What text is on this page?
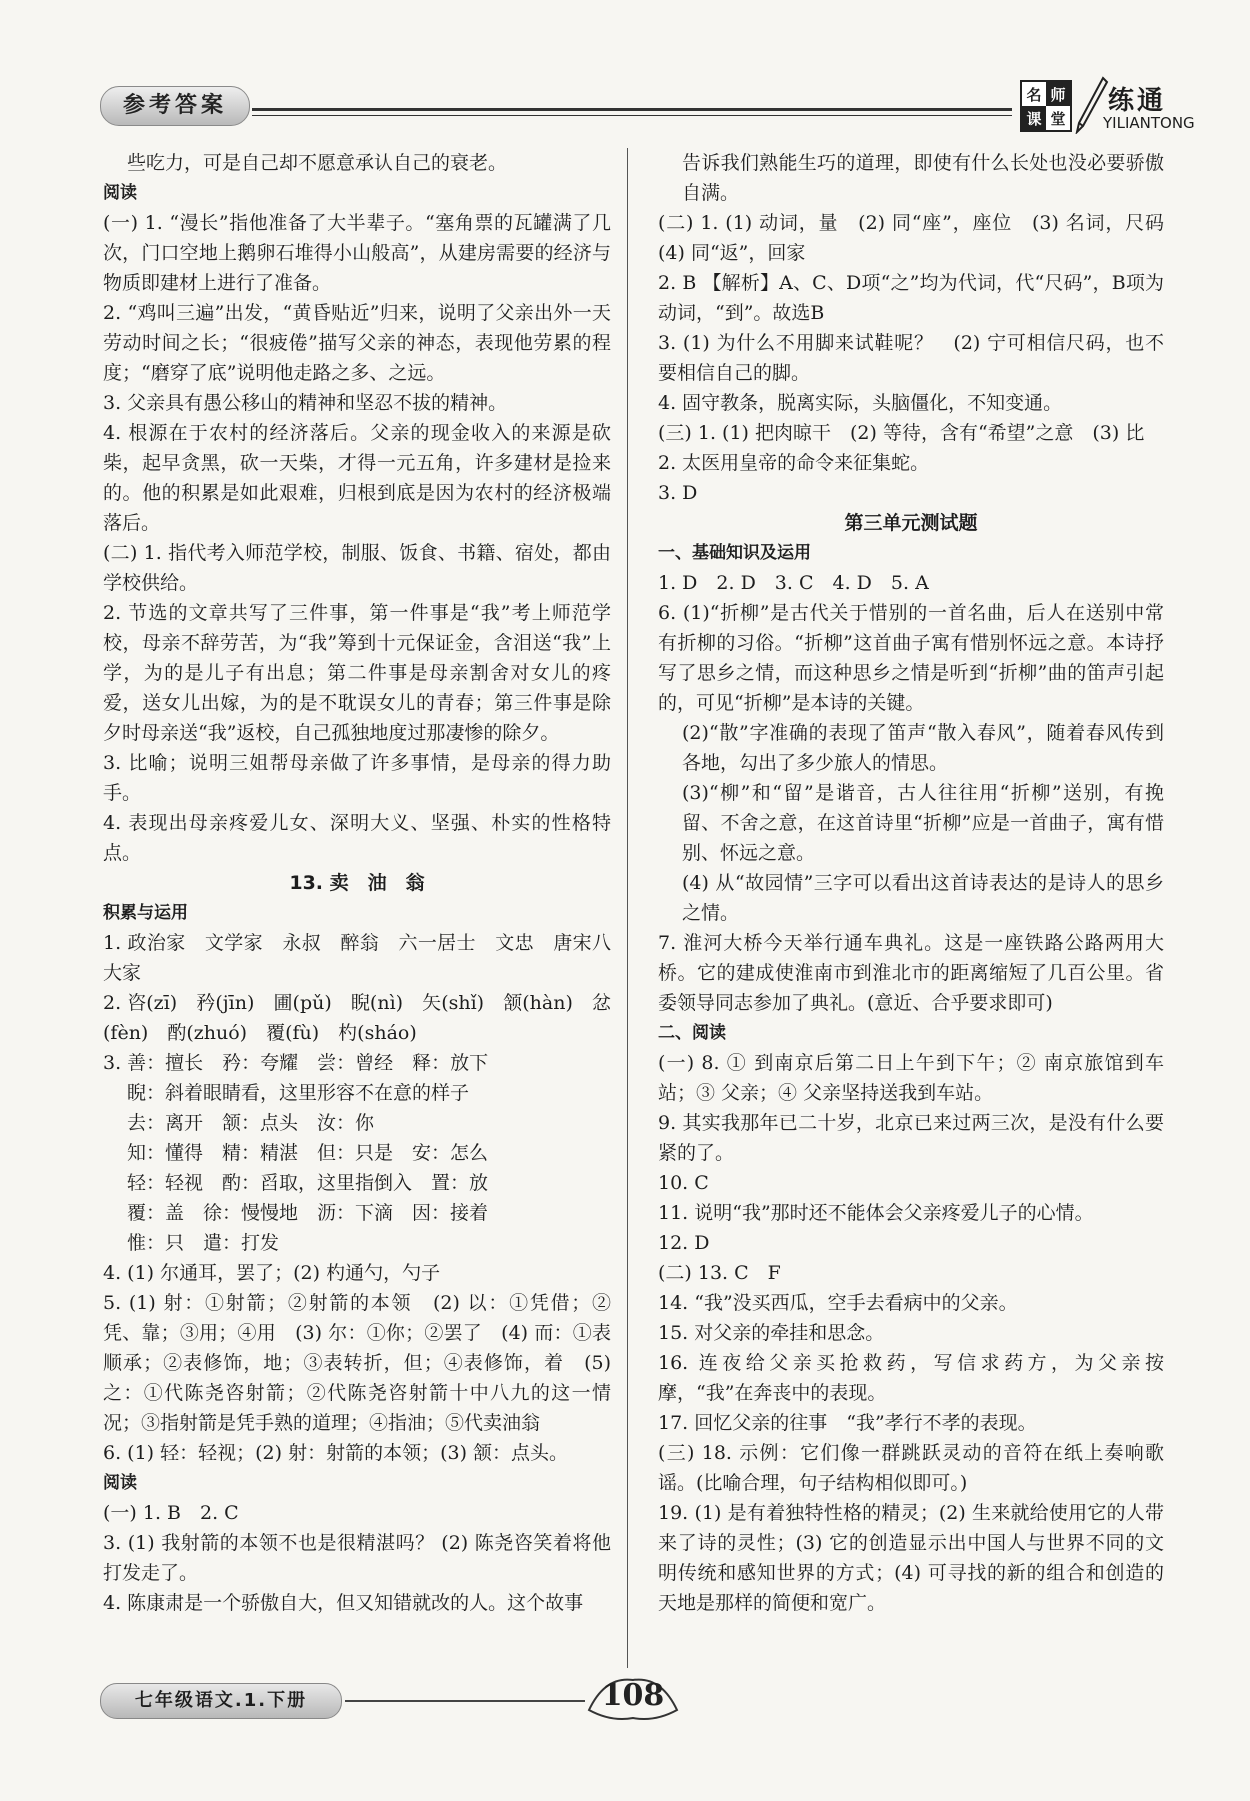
参考答案	名 师
课 堂
练通
YILIANTONG
些吃力，可是自己却不愿意承认自己的衰老。
阅读
(一) 1. “漫长”指他准备了大半辈子。“塞角票的瓦罐满了几次，门口空地上鹅卵石堆得小山般高”，从建房需要的经济与物质即建材上进行了准备。
2. “鸡叫三遍”出发，“黄昏贴近”归来，说明了父亲出外一天劳动时间之长；“很疲倦”描写父亲的神态，表现他劳累的程度；“磨穿了底”说明他走路之多、之远。
3. 父亲具有愚公移山的精神和坚忍不拔的精神。
4. 根源在于农村的经济落后。父亲的现金收入的来源是砍柴，起早贪黑，砍一天柴，才得一元五角，许多建材是捡来的。他的积累是如此艰难，归根到底是因为农村的经济极端落后。
(二) 1. 指代考入师范学校，制服、饭食、书籍、宿处，都由学校供给。
2. 节选的文章共写了三件事，第一件事是“我”考上师范学校，母亲不辞劳苦，为“我”筹到十元保证金，含泪送“我”上学，为的是儿子有出息；第二件事是母亲割舍对女儿的疼爱，送女儿出嫁，为的是不耽误女儿的青春；第三件事是除夕时母亲送“我”返校，自己孤独地度过那凄惨的除夕。
3. 比喻；说明三姐帮母亲做了许多事情，是母亲的得力助手。
4. 表现出母亲疼爱儿女、深明大义、坚强、朴实的性格特点。
13. 卖　油　翁
积累与运用
1. 政治家　文学家　永叔　醉翁　六一居士　文忠　唐宋八大家
2. 咨(zī)　矜(jīn)　圃(pǔ)　睨(nì)　矢(shǐ)　颔(hàn)　忿(fèn)　酌(zhuó)　覆(fù)　杓(sháo)
3. 善：擅长　矜：夸耀　尝：曾经　释：放下
睨：斜着眼睛看，这里形容不在意的样子
去：离开　颔：点头　汝：你
知：懂得　精：精湛　但：只是　安：怎么
轻：轻视　酌：舀取，这里指倒入　置：放
覆：盖　徐：慢慢地　沥：下滴　因：接着
惟：只　遣：打发
4. (1) 尔通耳，罢了；(2) 杓通勺，勺子
5. (1) 射：①射箭；②射箭的本领　(2) 以：①凭借；②凭、靠；③用；④用　(3) 尔：①你；②罢了　(4) 而：①表顺承；②表修饰，地；③表转折，但；④表修饰，着　(5) 之：①代陈尧咨射箭；②代陈尧咨射箭十中八九的这一情况；③指射箭是凭手熟的道理；④指油；⑤代卖油翁
6. (1) 轻：轻视；(2) 射：射箭的本领；(3) 颔：点头。
阅读
(一) 1. B　2. C
3. (1) 我射箭的本领不也是很精湛吗？ (2) 陈尧咨笑着将他打发走了。
4. 陈康肃是一个骄傲自大，但又知错就改的人。这个故事
告诉我们熟能生巧的道理，即使有什么长处也没必要骄傲自满。
(二) 1. (1) 动词，量　(2) 同“座”，座位　(3) 名词，尺码　(4) 同“返”，回家
2. B 【解析】A、C、D项“之”均为代词，代“尺码”，B项为动词，“到”。故选B
3. (1) 为什么不用脚来试鞋呢？　(2) 宁可相信尺码，也不要相信自己的脚。
4. 固守教条，脱离实际，头脑僵化，不知变通。
(三) 1. (1) 把肉晾干　(2) 等待，含有“希望”之意　(3) 比
2. 太医用皇帝的命令来征集蛇。
3. D
第三单元测试题
一、基础知识及运用
1. D　2. D　3. C　4. D　5. A
6. (1)“折柳”是古代关于惜别的一首名曲，后人在送别中常有折柳的习俗。“折柳”这首曲子寓有惜别怀远之意。本诗抒写了思乡之情，而这种思乡之情是听到“折柳”曲的笛声引起的，可见“折柳”是本诗的关键。
(2)“散”字准确的表现了笛声“散入春风”，随着春风传到各地，勾出了多少旅人的情思。
(3)“柳”和“留”是谐音，古人往往用“折柳”送别，有挽留、不舍之意，在这首诗里“折柳”应是一首曲子，寓有惜别、怀远之意。
(4) 从“故园情”三字可以看出这首诗表达的是诗人的思乡之情。
7. 淮河大桥今天举行通车典礼。这是一座铁路公路两用大桥。它的建成使淮南市到淮北市的距离缩短了几百公里。省委领导同志参加了典礼。(意近、合乎要求即可)
二、阅读
(一) 8. ① 到南京后第二日上午到下午；② 南京旅馆到车站；③ 父亲；④ 父亲坚持送我到车站。
9. 其实我那年已二十岁，北京已来过两三次，是没有什么要紧的了。
10. C
11. 说明“我”那时还不能体会父亲疼爱儿子的心情。
12. D
(二) 13. C　F
14. “我”没买西瓜，空手去看病中的父亲。
15. 对父亲的牵挂和思念。
16. 连夜给父亲买抢救药，写信求药方，为父亲按摩，“我”在奔丧中的表现。
17. 回忆父亲的往事　“我”孝行不孝的表现。
(三) 18. 示例：它们像一群跳跃灵动的音符在纸上奏响歌谣。(比喻合理，句子结构相似即可。)
19. (1) 是有着独特性格的精灵；(2) 生来就给使用它的人带来了诗的灵性；(3) 它的创造显示出中国人与世界不同的文明传统和感知世界的方式；(4) 可寻找的新的组合和创造的天地是那样的简便和宽广。
七年级语文.1.下册	108
